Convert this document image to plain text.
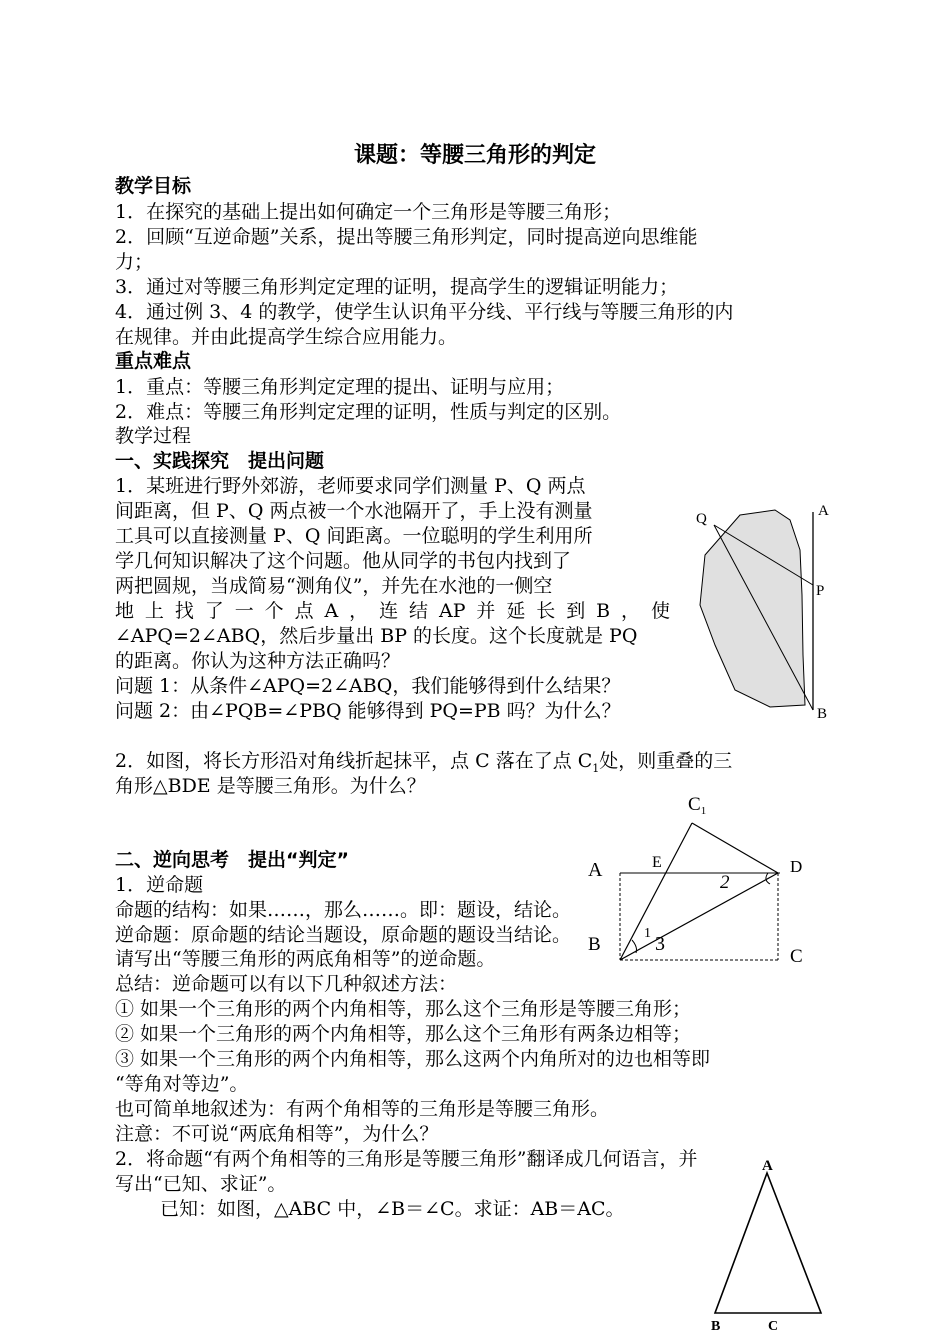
课题：等腰三角形的判定
教学目标
1．在探究的基础上提出如何确定一个三角形是等腰三角形；
2．回顾“互逆命题”关系，提出等腰三角形判定，同时提高逆向思维能
力；
3．通过对等腰三角形判定定理的证明，提高学生的逻辑证明能力；
4．通过例 3、4 的教学，使学生认识角平分线、平行线与等腰三角形的内
在规律。并由此提高学生综合应用能力。
重点难点
1．重点：等腰三角形判定定理的提出、证明与应用；
2．难点：等腰三角形判定定理的证明，性质与判定的区别。
教学过程
一、实践探究　提出问题
1．某班进行野外郊游，老师要求同学们测量 P、Q 两点
间距离，但 P、Q 两点被一个水池隔开了，手上没有测量
工具可以直接测量 P、Q 间距离。一位聪明的学生利用所
学几何知识解决了这个问题。他从同学的书包内找到了
两把圆规，当成简易“测角仪”，并先在水池的一侧空
地上找了一个点A，连结AP并延长到B，使
∠APQ=2∠ABQ，然后步量出 BP 的长度。这个长度就是 PQ
的距离。你认为这种方法正确吗？
问题 1：从条件∠APQ=2∠ABQ，我们能够得到什么结果？
问题 2：由∠PQB=∠PBQ 能够得到 PQ=PB 吗？为什么？
2．如图，将长方形沿对角线折起抹平，点 C 落在了点 $C_1$处，则重叠的三
角形△BDE 是等腰三角形。为什么？
二、逆向思考　提出“判定”
1．逆命题
命题的结构：如果……，那么……。即：题设，结论。
逆命题：原命题的结论当题设，原命题的题设当结论。
请写出“等腰三角形的两底角相等”的逆命题。
总结：逆命题可以有以下几种叙述方法：
① 如果一个三角形的两个内角相等，那么这个三角形是等腰三角形；
② 如果一个三角形的两个内角相等，那么这个三角形有两条边相等；
③ 如果一个三角形的两个内角相等，那么这两个内角所对的边也相等即
“等角对等边”。
也可简单地叙述为：有两个角相等的三角形是等腰三角形。
注意：不可说“两底角相等”，为什么？
2．将命题“有两个角相等的三角形是等腰三角形”翻译成几何语言，并
写出“已知、求证”。
已知：如图，△ABC 中，∠B＝∠C。求证：AB＝AC。
Q	A
P
B
$C_1$
A	E	D
B
C
2
1 3
A
B	C
